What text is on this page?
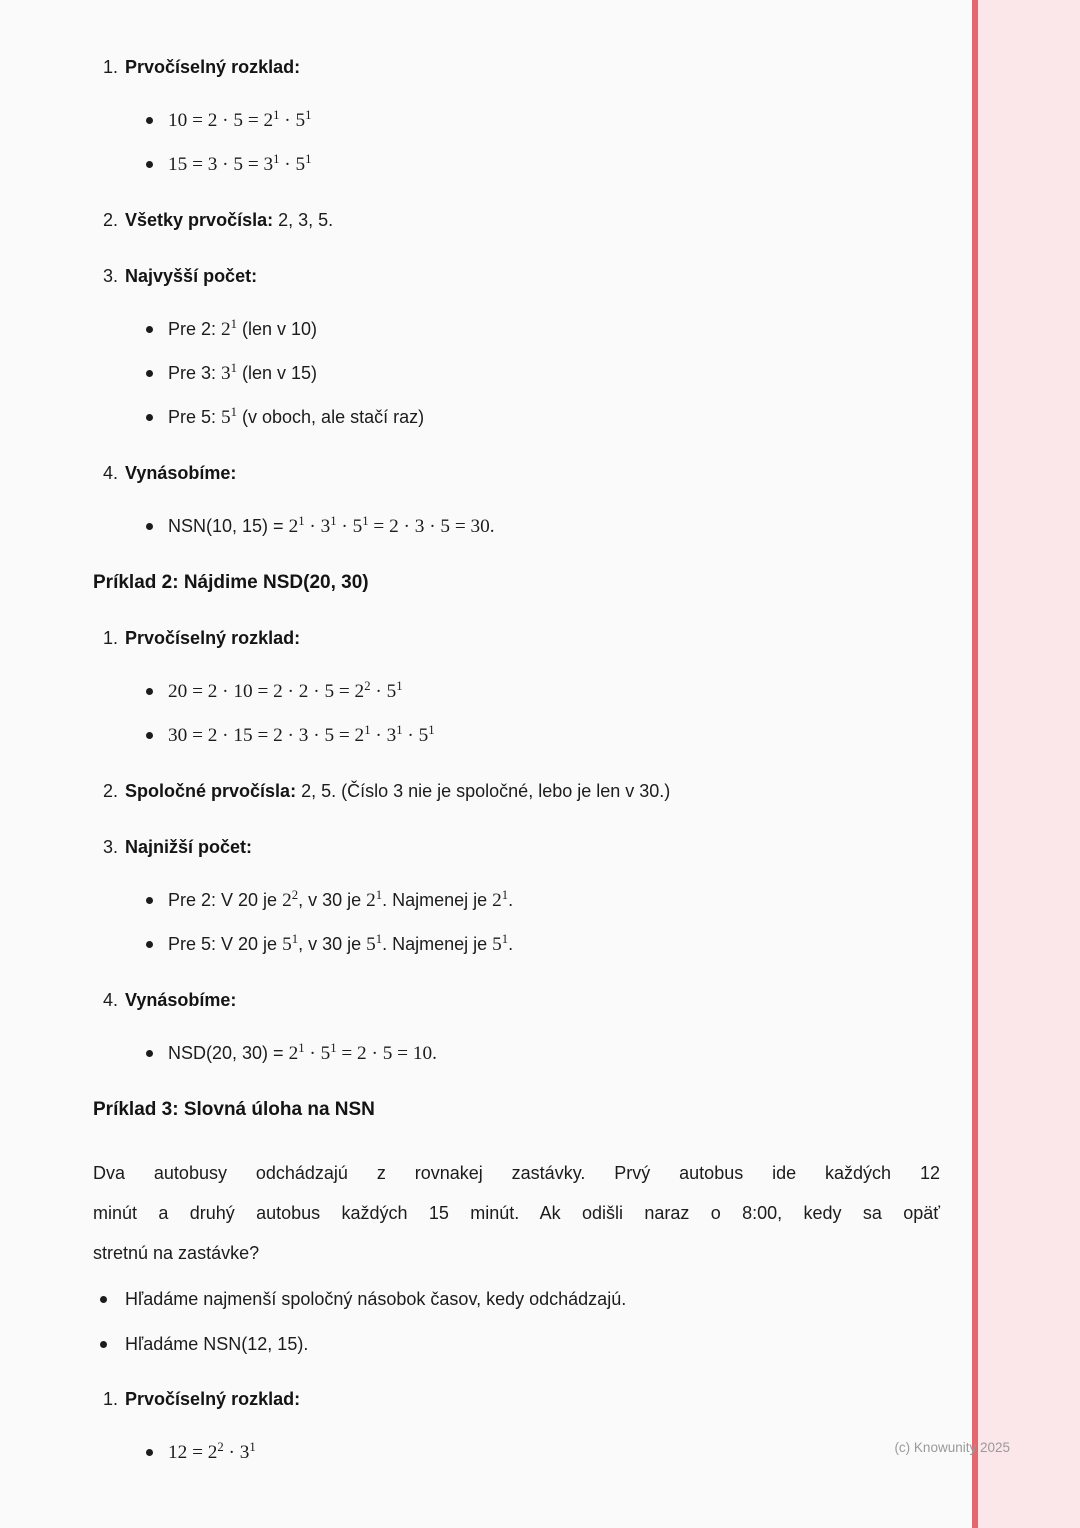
1. Prvočíselný rozklad:
$10 = 2 \cdot 5 = 2^1 \cdot 5^1$
$15 = 3 \cdot 5 = 3^1 \cdot 5^1$
2. Všetky prvočísla: 2, 3, 5.
3. Najvyšší počet:
Pre 2: $2^1$ (len v 10)
Pre 3: $3^1$ (len v 15)
Pre 5: $5^1$ (v oboch, ale stačí raz)
4. Vynásobíme:
NSN(10, $15) = 2^1 \cdot 3^1 \cdot 5^1 = 2 \cdot 3 \cdot 5 = 30$.
Príklad 2: Nájdime NSD(20, 30)
1. Prvočíselný rozklad:
$20 = 2 \cdot 10 = 2 \cdot 2 \cdot 5 = 2^2 \cdot 5^1$
$30 = 2 \cdot 15 = 2 \cdot 3 \cdot 5 = 2^1 \cdot 3^1 \cdot 5^1$
2. Spoločné prvočísla: 2, 5. (Číslo 3 nie je spoločné, lebo je len v 30.)
3. Najnižší počet:
Pre 2: V 20 je $2^2$, v 30 je $2^1$. Najmenej je $2^1$.
Pre 5: V 20 je $5^1$, v 30 je $5^1$. Najmenej je $5^1$.
4. Vynásobíme:
NSD(20, $30) = 2^1 \cdot 5^1 = 2 \cdot 5 = 10$.
Príklad 3: Slovná úloha na NSN
Dva autobusy odchádzajú z rovnakej zastávky. Prvý autobus ide každých 12
minút a druhý autobus každých 15 minút. Ak odišli naraz o 8:00, kedy sa opäť
stretnú na zastávke?
Hľadáme najmenší spoločný násobok časov, kedy odchádzajú.
Hľadáme NSN(12, 15).
1. Prvočíselný rozklad:
$12 = 2^2 \cdot 3^1$	(c) Knowunity 2025
